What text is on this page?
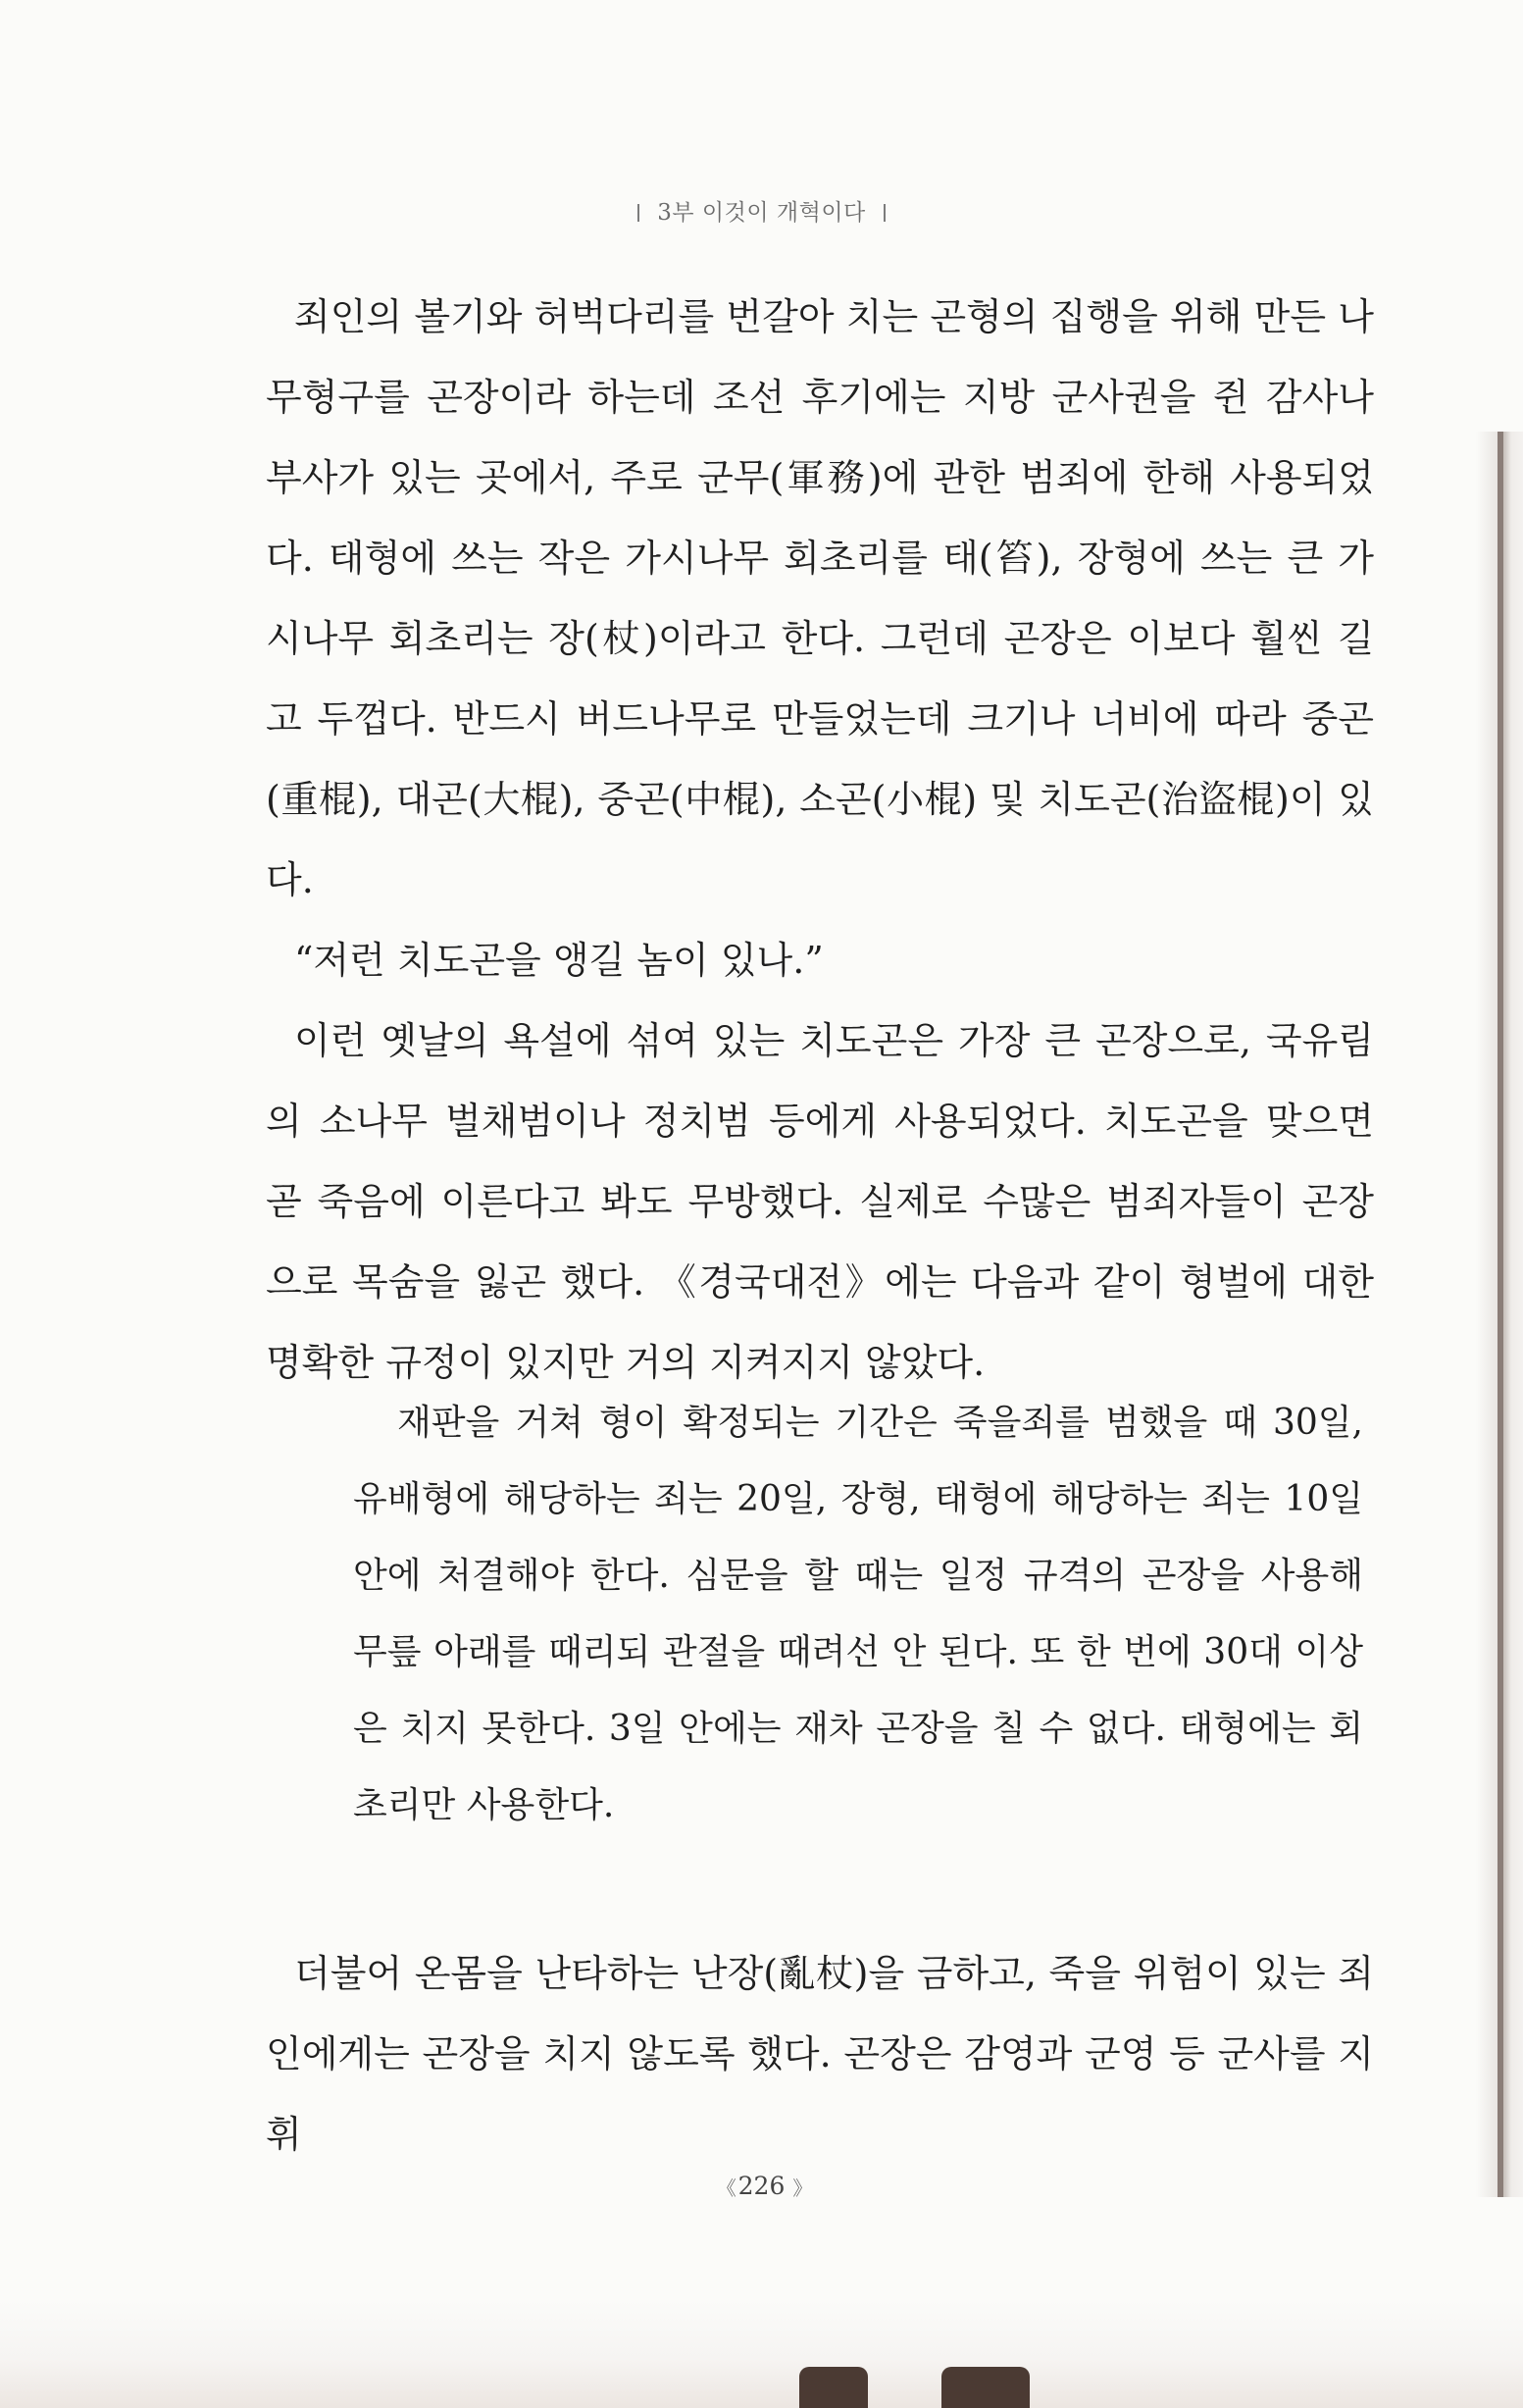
3부 이것이 개혁이다

죄인의 볼기와 허벅다리를 번갈아 치는 곤형의 집행을 위해 만든 나무형구를 곤장이라 하는데 조선 후기에는 지방 군사권을 쥔 감사나 부사가 있는 곳에서, 주로 군무(軍務)에 관한 범죄에 한해 사용되었다. 태형에 쓰는 작은 가시나무 회초리를 태(笞), 장형에 쓰는 큰 가시나무 회초리는 장(杖)이라고 한다. 그런데 곤장은 이보다 훨씬 길고 두껍다. 반드시 버드나무로 만들었는데 크기나 너비에 따라 중곤(重棍), 대곤(大棍), 중곤(中棍), 소곤(小棍) 및 치도곤(治盜棍)이 있다.

“저런 치도곤을 앵길 놈이 있나.”

이런 옛날의 욕설에 섞여 있는 치도곤은 가장 큰 곤장으로, 국유림의 소나무 벌채범이나 정치범 등에게 사용되었다. 치도곤을 맞으면 곧 죽음에 이른다고 봐도 무방했다. 실제로 수많은 범죄자들이 곤장으로 목숨을 잃곤 했다. 《경국대전》에는 다음과 같이 형벌에 대한 명확한 규정이 있지만 거의 지켜지지 않았다.

재판을 거쳐 형이 확정되는 기간은 죽을죄를 범했을 때 30일, 유배형에 해당하는 죄는 20일, 장형, 태형에 해당하는 죄는 10일 안에 처결해야 한다. 심문을 할 때는 일정 규격의 곤장을 사용해 무릎 아래를 때리되 관절을 때려선 안 된다. 또 한 번에 30대 이상은 치지 못한다. 3일 안에는 재차 곤장을 칠 수 없다. 태형에는 회초리만 사용한다.

더불어 온몸을 난타하는 난장(亂杖)을 금하고, 죽을 위험이 있는 죄인에게는 곤장을 치지 않도록 했다. 곤장은 감영과 군영 등 군사를 지휘

《 226 》
